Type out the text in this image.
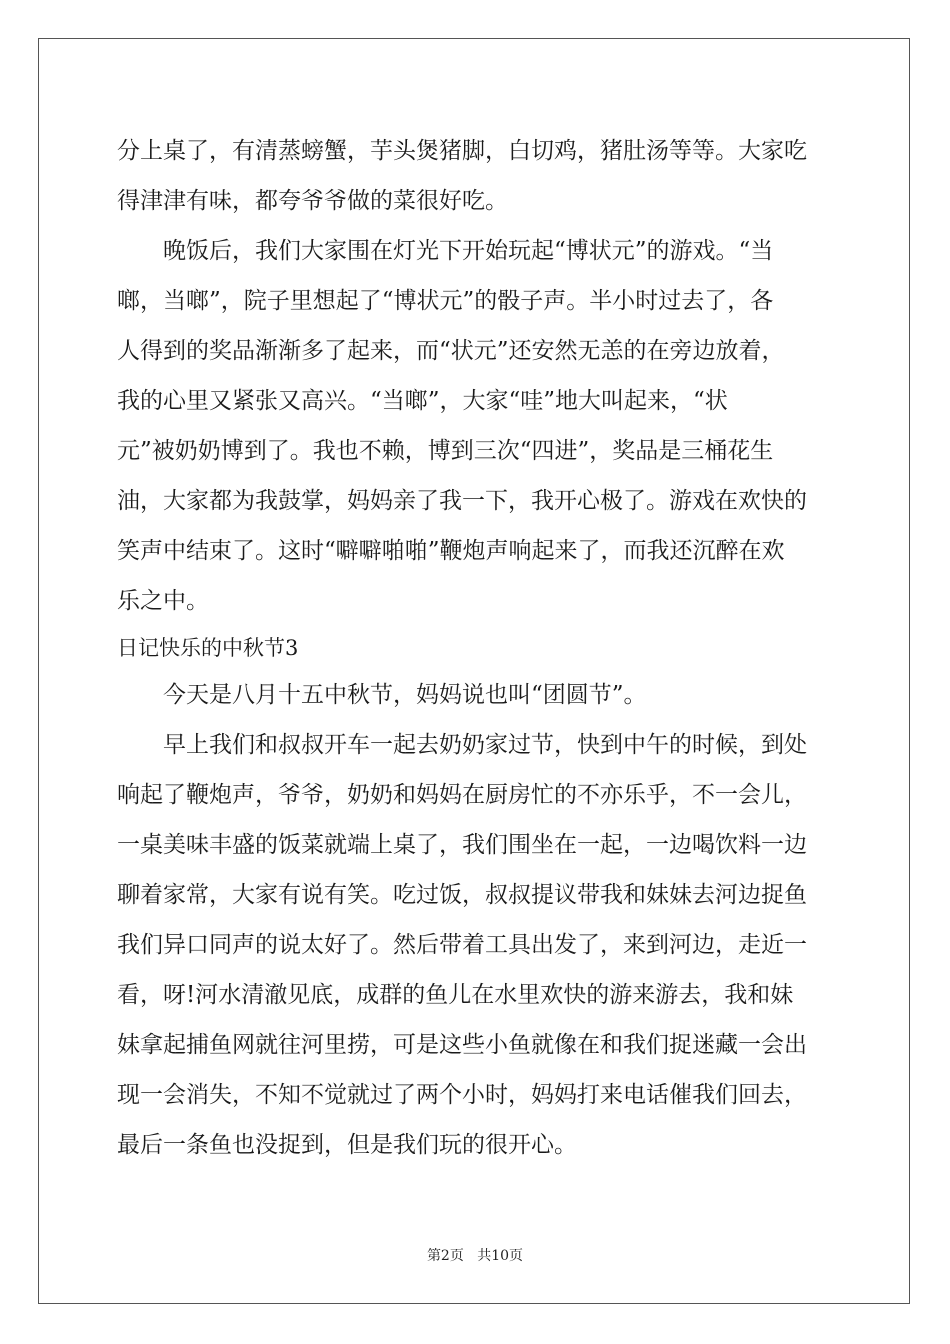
分上桌了，有清蒸螃蟹，芋头煲猪脚，白切鸡，猪肚汤等等。大家吃
得津津有味，都夸爷爷做的菜很好吃。
晚饭后，我们大家围在灯光下开始玩起“博状元”的游戏。“当
啷，当啷”，院子里想起了“博状元”的骰子声。半小时过去了，各
人得到的奖品渐渐多了起来，而“状元”还安然无恙的在旁边放着，
我的心里又紧张又高兴。“当啷”，大家“哇”地大叫起来，“状
元”被奶奶博到了。我也不赖，博到三次“四进”，奖品是三桶花生
油，大家都为我鼓掌，妈妈亲了我一下，我开心极了。游戏在欢快的
笑声中结束了。这时“噼噼啪啪”鞭炮声响起来了，而我还沉醉在欢
乐之中。
日记快乐的中秋节3
今天是八月十五中秋节，妈妈说也叫“团圆节”。
早上我们和叔叔开车一起去奶奶家过节，快到中午的时候，到处
响起了鞭炮声，爷爷，奶奶和妈妈在厨房忙的不亦乐乎，不一会儿，
一桌美味丰盛的饭菜就端上桌了，我们围坐在一起，一边喝饮料一边
聊着家常，大家有说有笑。吃过饭，叔叔提议带我和妹妹去河边捉鱼
我们异口同声的说太好了。然后带着工具出发了，来到河边，走近一
看，呀!河水清澈见底，成群的鱼儿在水里欢快的游来游去，我和妹
妹拿起捕鱼网就往河里捞，可是这些小鱼就像在和我们捉迷藏一会出
现一会消失，不知不觉就过了两个小时，妈妈打来电话催我们回去，
最后一条鱼也没捉到，但是我们玩的很开心。
第2页 共10页
